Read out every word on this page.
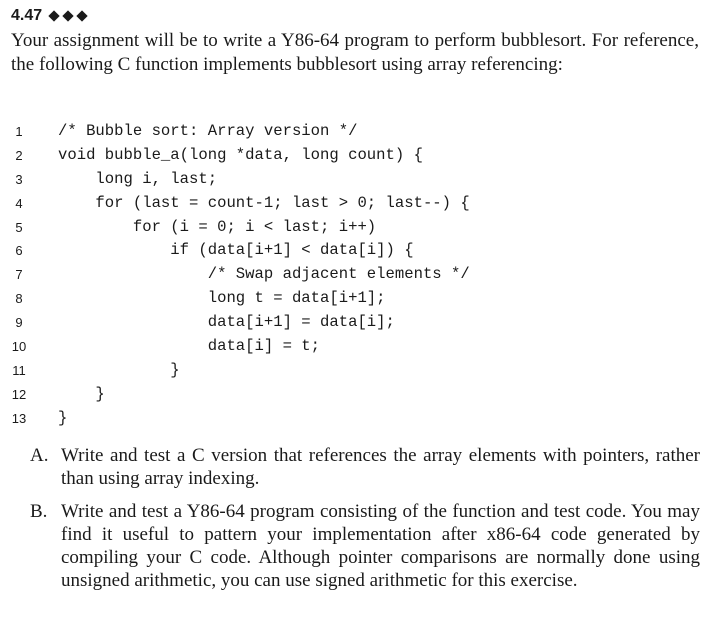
4.47

Your assignment will be to write a Y86-64 program to perform bubblesort. For reference, the following C function implements bubblesort using array referencing:

1	/* Bubble sort: Array version */
2	void bubble_a(long *data, long count) {
3	long i, last;
4	for (last = count-1; last > 0; last--) {
5	for (i = 0; i < last; i++)
6	if (data[i+1] < data[i]) {
7	/* Swap adjacent elements */
8	long t = data[i+1];
9	data[i+1] = data[i];
10	data[i] = t;
11	}
12	}
13	}
A. Write and test a C version that references the array elements with pointers, rather than using array indexing.
B. Write and test a Y86-64 program consisting of the function and test code. You may find it useful to pattern your implementation after x86-64 code generated by compiling your C code. Although pointer comparisons are normally done using unsigned arithmetic, you can use signed arithmetic for this exercise.
